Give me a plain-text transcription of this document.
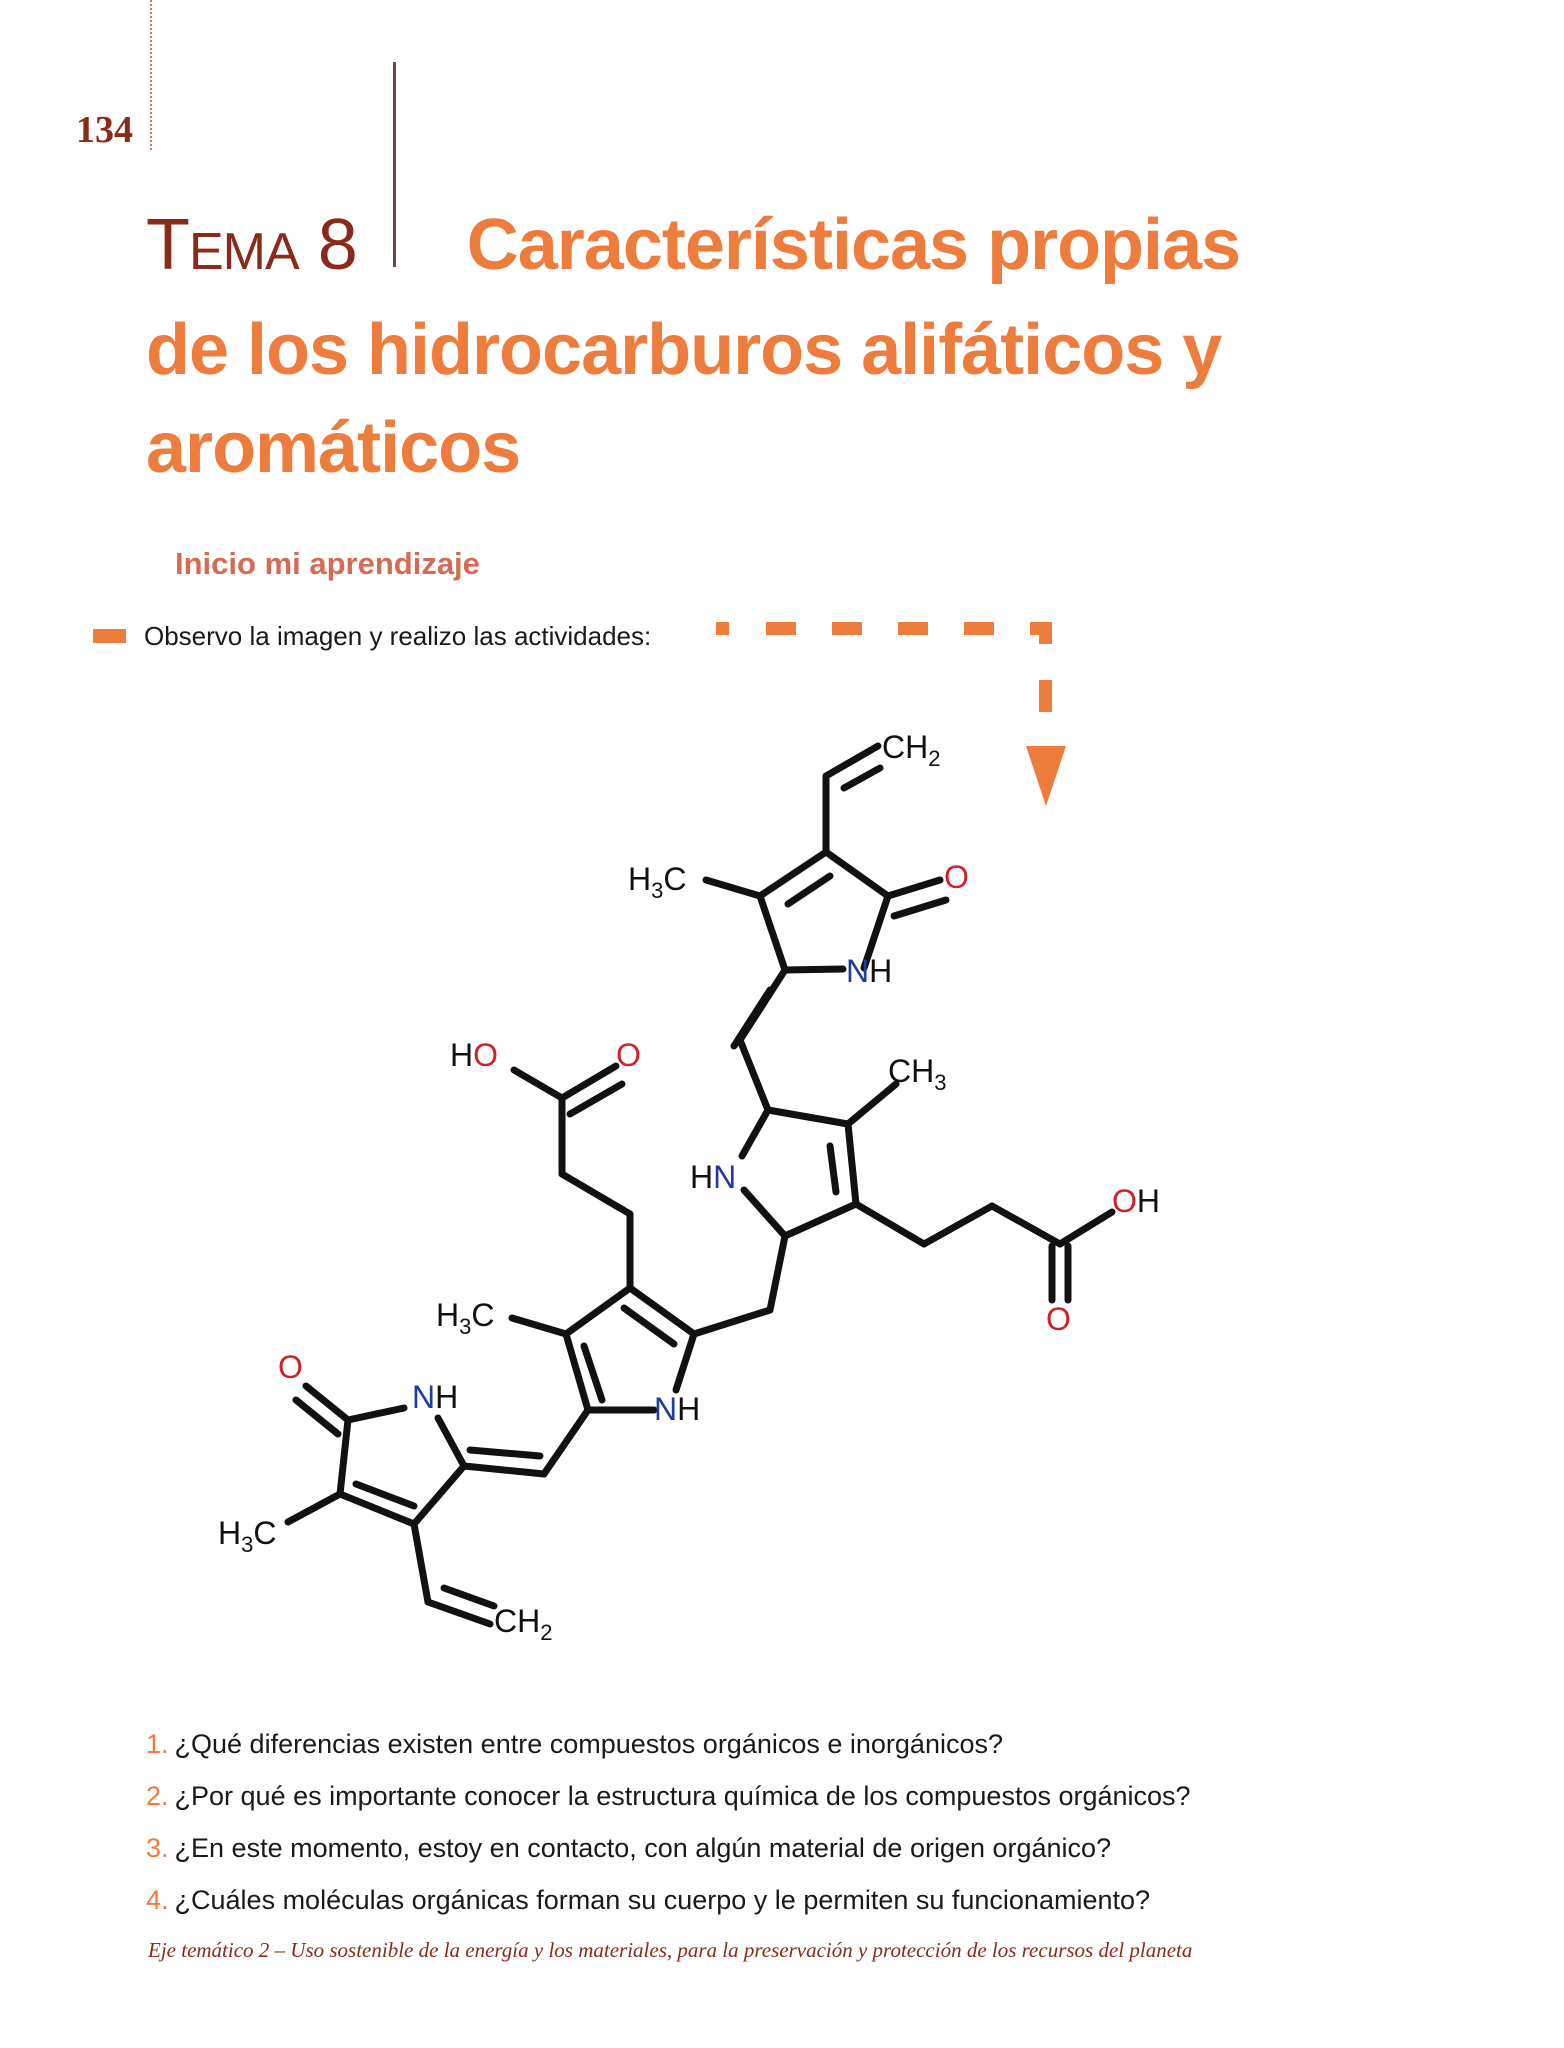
134
TEMA 8 Características propias
de los hidrocarburos alifáticos y
aromáticos
Inicio mi aprendizaje
Observo la imagen y realizo las actividades:
$CH_2$
O
$H_3C$
NH
$CH_3$
HN
OH
O
HO	O
$H_3C$
NH
O
NH
$H_3C$
$CH_2$
1. ¿Qué diferencias existen entre compuestos orgánicos e inorgánicos?
2. ¿Por qué es importante conocer la estructura química de los compuestos orgánicos?
3. ¿En este momento, estoy en contacto, con algún material de origen orgánico?
4. ¿Cuáles moléculas orgánicas forman su cuerpo y le permiten su funcionamiento?
Eje temático 2 – Uso sostenible de la energía y los materiales, para la preservación y protección de los recursos del planeta
